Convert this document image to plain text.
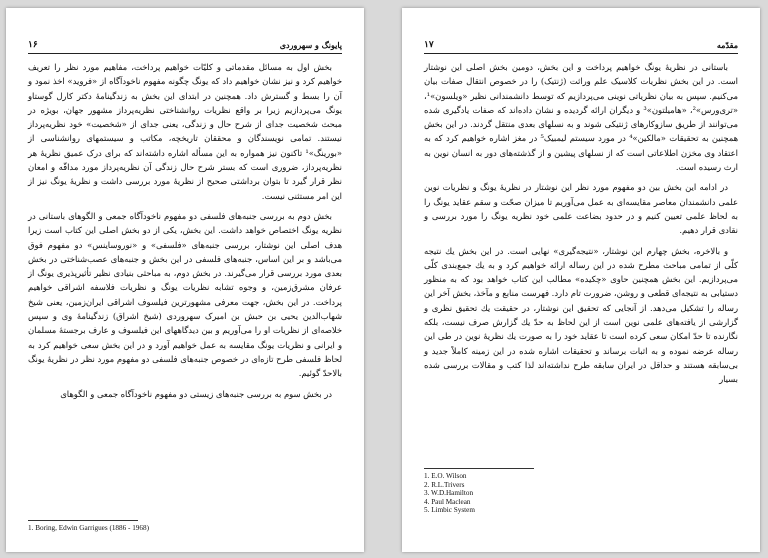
۱۶	پایونگ و سهروردی

بخش اول به مسائل مقدماتی و کلیّات خواهیم پرداخت، مفاهیم مورد نظر را تعریف خواهیم کرد و نیز نشان خواهیم داد که یونگ چگونه مفهوم ناخودآگاه از «فروید» اخذ نمود و آن را بسط و گسترش داد. همچنین در ابتدای این بخش به زندگینامهٔ دکتر کارل گوستاو یونگ می‌پردازیم زیرا بر واقع نظریات روانشناختی نظریه‌پرداز مشهور جهان، بویژه در مبحث شخصیت جدای از شرح حال و زندگی، یعنی جدای از «شخصیت» خود نظریه‌پرداز نیستند. تمامی نویسندگان و محققان تاریخچه، مکاتب و سیستمهای روانشناسی از «بورینگ»¹ تاکنون نیز همواره به این مسأله اشاره داشته‌اند که برای درک عمیق نظریهٔ هر نظریه‌پرداز، ضروری است که بستر شرح حال زندگی آن نظریه‌پرداز مورد مداقّه و امعان نظر قرار گیرد تا بتوان برداشتی صحیح از نظریهٔ مورد بررسی داشت و نظریهٔ یونگ نیز از این امر مستثنی نیست.

بخش دوم به بررسی جنبه‌های فلسفی دو مفهوم ناخودآگاه جمعی و الگوهای باستانی در نظریه یونگ اختصاص خواهد داشت. این بخش، یکی از دو بخش اصلی این کتاب است زیرا هدف اصلی این نوشتار، بررسی جنبه‌های «فلسفی» و «نوروساینس» دو مفهوم فوق می‌باشد و بر این اساس، جنبه‌های فلسفی در این بخش و جنبه‌های عصب‌شناختی در بخش بعدی مورد بررسی قرار می‌گیرند. در بخش دوم، به مباحثی بنیادی نظیر تأثیرپذیری یونگ از عرفان مشرق‌زمین، و وجوه تشابه نظریات یونگ و نظریات فلاسفه اشراقی خواهیم پرداخت. در این بخش، جهت معرفی مشهورترین فیلسوف اشراقی ایران‌زمین، یعنی شیخ شهاب‌الدین یحیی بن حبش بن امیرک سهروردی (شیخ اشراق) زندگینامهٔ وی و سپس خلاصه‌ای از نظریات او را می‌آوریم و بین دیدگاههای این فیلسوف و عارف برجستهٔ مسلمان و ایرانی و نظریات یونگ مقایسه به عمل خواهیم آورد و در این بخش سعی خواهیم کرد به لحاظ فلسفی طرح تازه‌ای در خصوص جنبه‌های فلسفی دو مفهوم مورد نظر در نظریهٔ یونگ بالاحدّ گوئیم.

در بخش سوم به بررسی جنبه‌های زیستی دو مفهوم ناخودآگاه جمعی و الگوهای

1. Boring, Edwin Garrigues (1886 - 1968)
۱۷	مقدّمه

باستانی در نظریهٔ یونگ خواهیم پرداخت و این بخش، دومین بخش اصلی این نوشتار است. در این بخش نظریات کلاسیک علم وراثت (ژنتیک) را در خصوص انتقال صفات بیان می‌کنیم. سپس به بیان نظریاتی نوینی می‌پردازیم که توسط دانشمندانی نظیر «ویلسون»¹، «تری‌ورس»²، «هامیلتون»³ و دیگران ارائه گردیده و نشان داده‌اند که صفات یادگیری شده می‌توانند از طریق سازوکارهای ژنتیکی شوند و به نسلهای بعدی منتقل گردند. در این بخش همچنین به تحقیقات «مالکین»⁴ در مورد سیستم لیمبیک⁵ در مغز اشاره خواهیم کرد که به اعتقاد وی مخزن اطلاعاتی است که از نسلهای پیشین و از گذشته‌های دور به انسان نوین به ارث رسیده است.

در ادامه این بخش بین دو مفهوم مورد نظر این نوشتار در نظریهٔ یونگ و نظریات نوین علمی دانشمندان معاصر مقایسه‌ای به عمل می‌آوریم تا میزان صحّت و سقم عقاید یونگ را به لحاظ علمی تعیین کنیم و در حدود بضاعت علمی خود نظریه یونگ را مورد بررسی و نقادی قرار دهیم.

و بالاخره، بخش چهارم این نوشتار، «نتیجه‌گیری» نهایی است. در این بخش یك نتیجه کلّی از تمامی مباحث مطرح شده در این رساله ارائه خواهیم کرد و به یك جمع‌بندی کلّی می‌پردازیم. این بخش همچنین حاوی «چکیده» مطالب این کتاب خواهد بود که به منظور دستیابی به نتیجه‌ای قطعی و روشن، ضرورت تام دارد. فهرست منابع و مآخذ، بخش آخر این رساله را تشکیل می‌دهد. از آنجایی که تحقیق این نوشتار، در حقیقت یك تحقیق نظری و گزارشی از یافته‌های علمی نوین است از این لحاظ به حدّ یك گزارش صرف نیست، بلکه نگارنده تا حدّ امکان سعی کرده است تا عقاید خود را به صورت یك نظریهٔ نوین در طی این رساله عرضه نموده و به اثبات برساند و تحقیقات اشاره شده در این زمینه کاملاً جدید و بی‌سابقه هستند و حداقل در ایران سابقه طرح نداشته‌اند لذا کتب و مقالات بررسی شده بسیار

1. E.O. Wilson
2. R.L.Trivers
3. W.D.Hamilton
4. Paul Maclean
5. Limbic System
